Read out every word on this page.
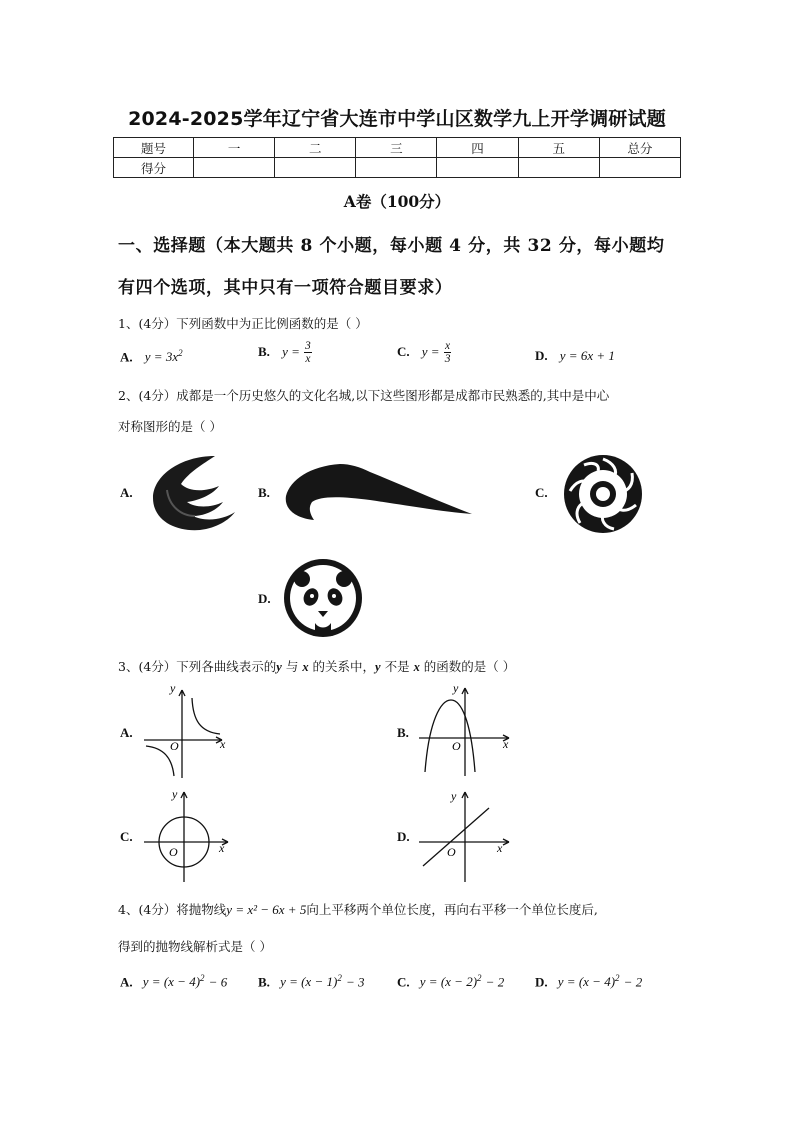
2024-2025学年辽宁省大连市中学山区数学九上开学调研试题
题号	一	二	三	四	五	总分
得分						
A卷（100分）
一、选择题（本大题共 8 个小题，每小题 4 分，共 32 分，每小题均
有四个选项，其中只有一项符合题目要求）
1、(4分）下列函数中为正比例函数的是（ ）
A. $y = 3x^2$	B. $y = \frac{3}{x}$	C. $y = \frac{x}{3}$	D. y = 6x + 1
2、(4分）成都是一个历史悠久的文化名城,以下这些图形都是成都市民熟悉的,其中是中心
对称图形的是（ ）
A.	B.	C.
D.
3、(4分）下列各曲线表示的y 与 x 的关系中，y 不是 x 的函数的是（ ）
A.
y
x
O
B.
y
x
O
C.
y
x
O
D.
y
x
O
4、(4分）将抛物线y = x² − 6x + 5向上平移两个单位长度，再向右平移一个单位长度后,
得到的抛物线解析式是（ ）
A. $y = (x - 4)^2 - 6$ B. $y = (x - 1)^2 - 3$	C. $y = (x - 2)^2 - 2$ D. $y = (x - 4)^2 - 2$
